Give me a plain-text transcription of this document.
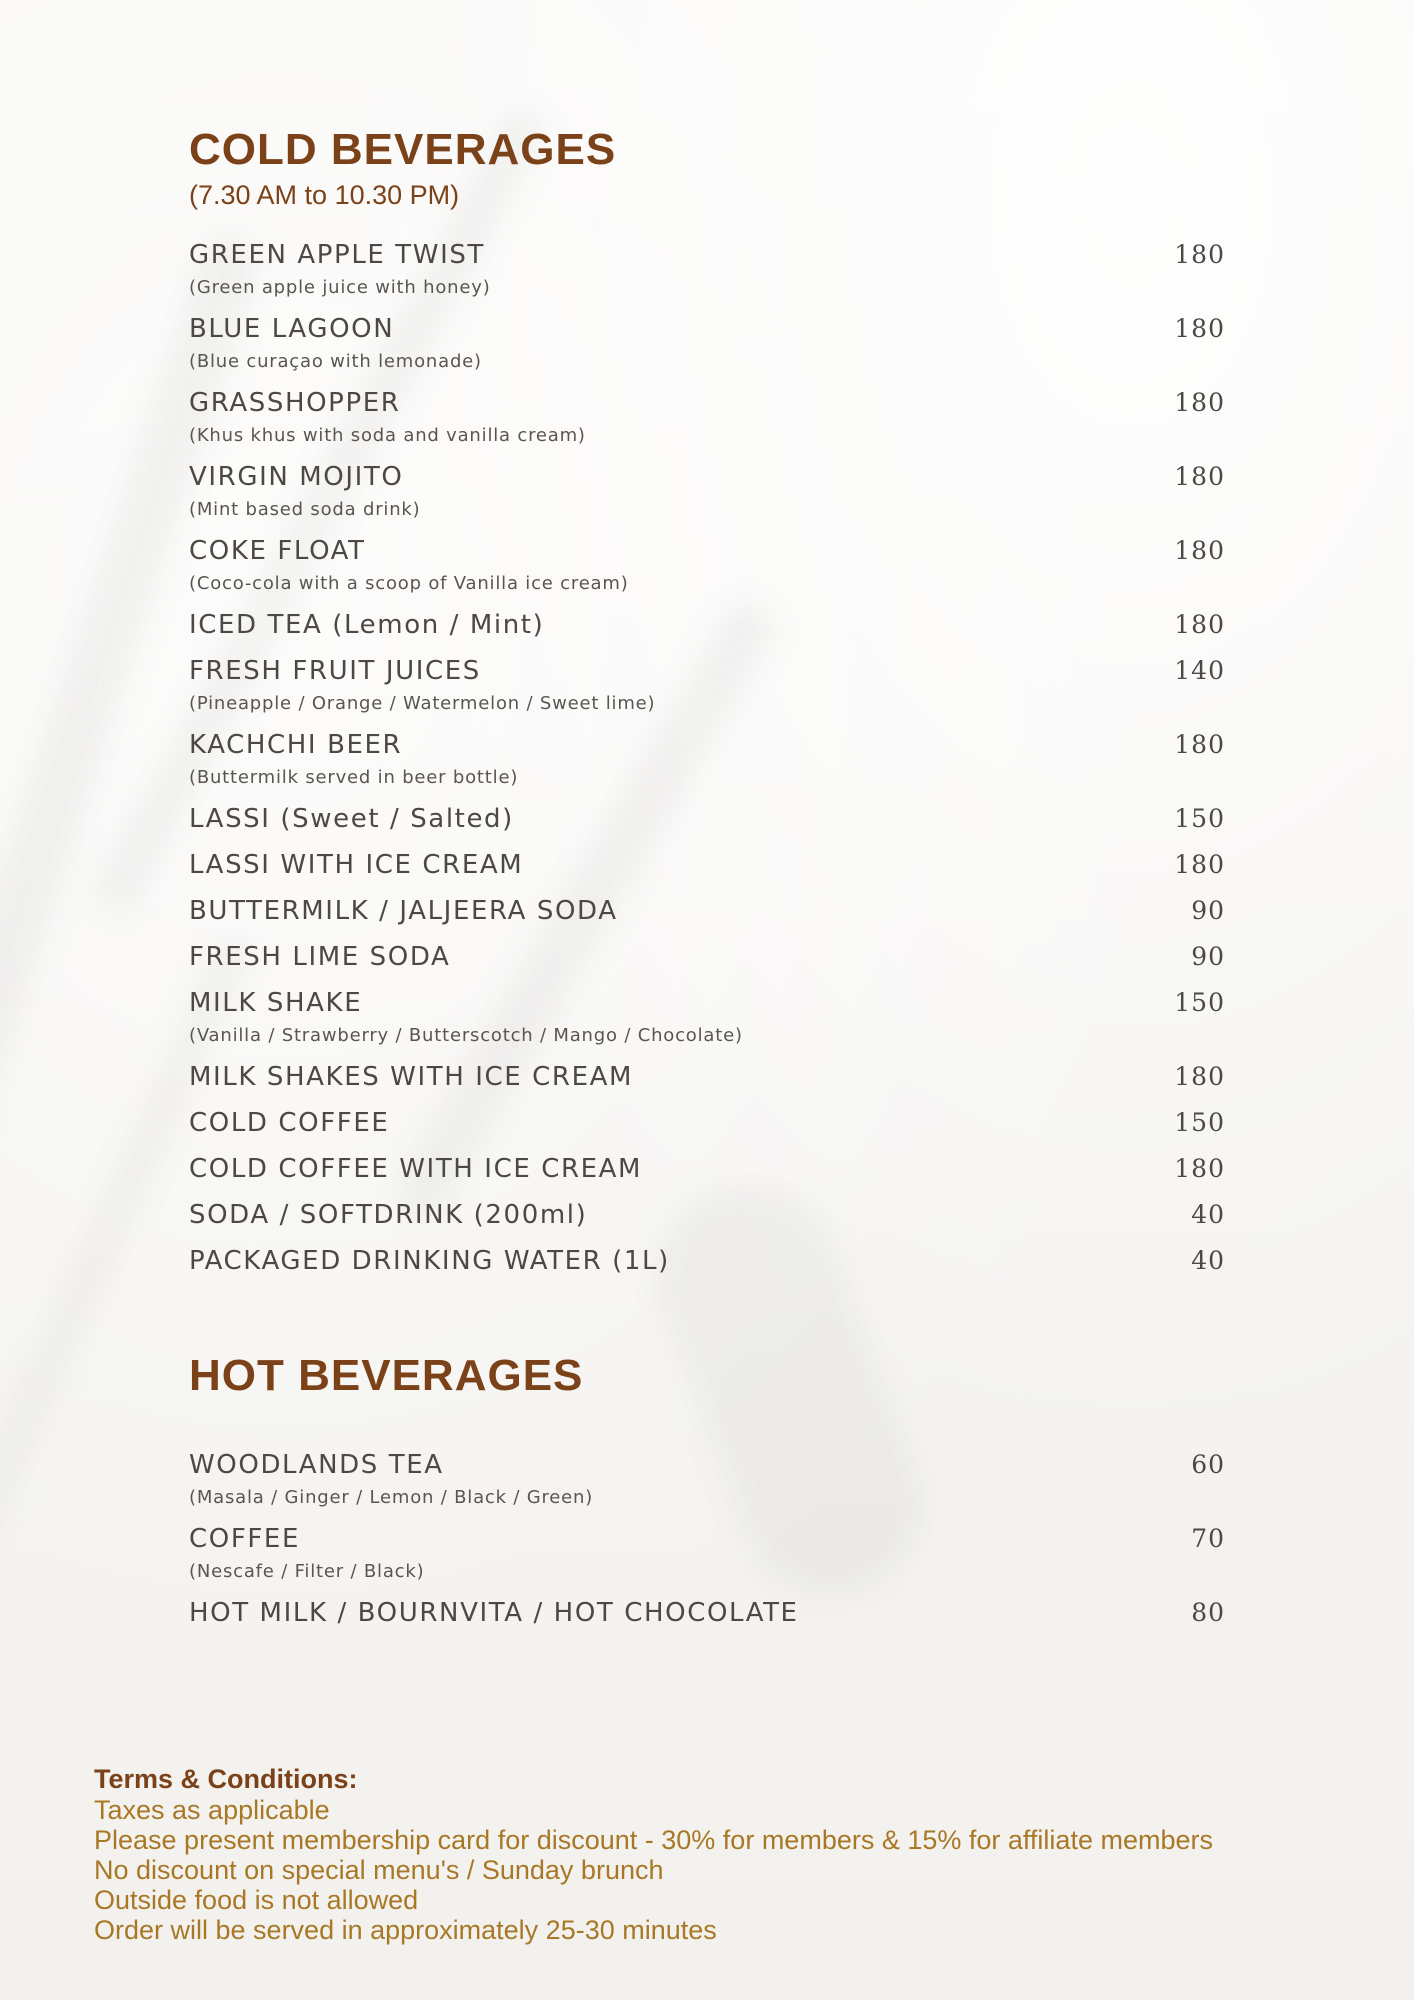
COLD BEVERAGES
(7.30 AM to 10.30 PM)
GREEN APPLE TWIST	180
(Green apple juice with honey)
BLUE LAGOON	180
(Blue curaçao with lemonade)
GRASSHOPPER	180
(Khus khus with soda and vanilla cream)
VIRGIN MOJITO	180
(Mint based soda drink)
COKE FLOAT	180
(Coco-cola with a scoop of Vanilla ice cream)
ICED TEA (Lemon / Mint)	180
FRESH FRUIT JUICES	140
(Pineapple / Orange / Watermelon / Sweet lime)
KACHCHI BEER	180
(Buttermilk served in beer bottle)
LASSI (Sweet / Salted)	150
LASSI WITH ICE CREAM	180
BUTTERMILK / JALJEERA SODA	90
FRESH LIME SODA	90
MILK SHAKE	150
(Vanilla / Strawberry / Butterscotch / Mango / Chocolate)
MILK SHAKES WITH ICE CREAM	180
COLD COFFEE	150
COLD COFFEE WITH ICE CREAM	180
SODA / SOFTDRINK (200ml)	40
PACKAGED DRINKING WATER (1L)	40
HOT BEVERAGES
WOODLANDS TEA	60
(Masala / Ginger / Lemon / Black / Green)
COFFEE	70
(Nescafe / Filter / Black)
HOT MILK / BOURNVITA / HOT CHOCOLATE	80
Terms & Conditions:
Taxes as applicable
Please present membership card for discount - 30% for members & 15% for affiliate members
No discount on special menu's / Sunday brunch
Outside food is not allowed
Order will be served in approximately 25-30 minutes
